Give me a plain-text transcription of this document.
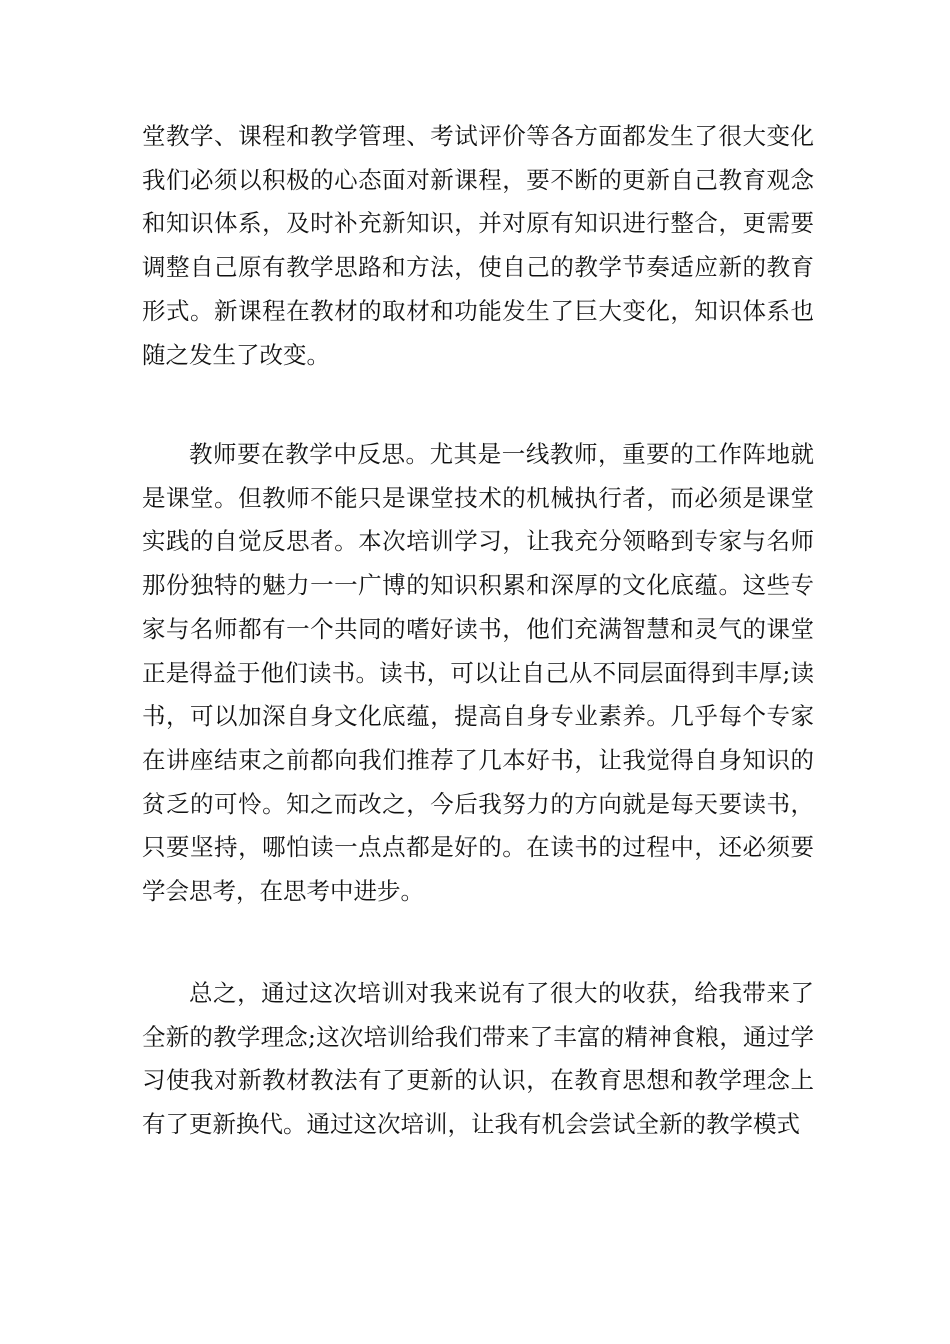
堂教学、课程和教学管理、考试评价等各方面都发生了很大变化我们必须以积极的心态面对新课程，要不断的更新自己教育观念和知识体系，及时补充新知识，并对原有知识进行整合，更需要调整自己原有教学思路和方法，使自己的教学节奏适应新的教育形式。新课程在教材的取材和功能发生了巨大变化，知识体系也随之发生了改变。

教师要在教学中反思。尤其是一线教师，重要的工作阵地就是课堂。但教师不能只是课堂技术的机械执行者，而必须是课堂实践的自觉反思者。本次培训学习，让我充分领略到专家与名师那份独特的魅力一一广博的知识积累和深厚的文化底蕴。这些专家与名师都有一个共同的嗜好读书，他们充满智慧和灵气的课堂正是得益于他们读书。读书，可以让自己从不同层面得到丰厚;读书，可以加深自身文化底蕴，提高自身专业素养。几乎每个专家在讲座结束之前都向我们推荐了几本好书，让我觉得自身知识的贫乏的可怜。知之而改之，今后我努力的方向就是每天要读书，只要坚持，哪怕读一点点都是好的。在读书的过程中，还必须要学会思考，在思考中进步。

总之，通过这次培训对我来说有了很大的收获，给我带来了全新的教学理念;这次培训给我们带来了丰富的精神食粮，通过学习使我对新教材教法有了更新的认识，在教育思想和教学理念上有了更新换代。通过这次培训，让我有机会尝试全新的教学模式
